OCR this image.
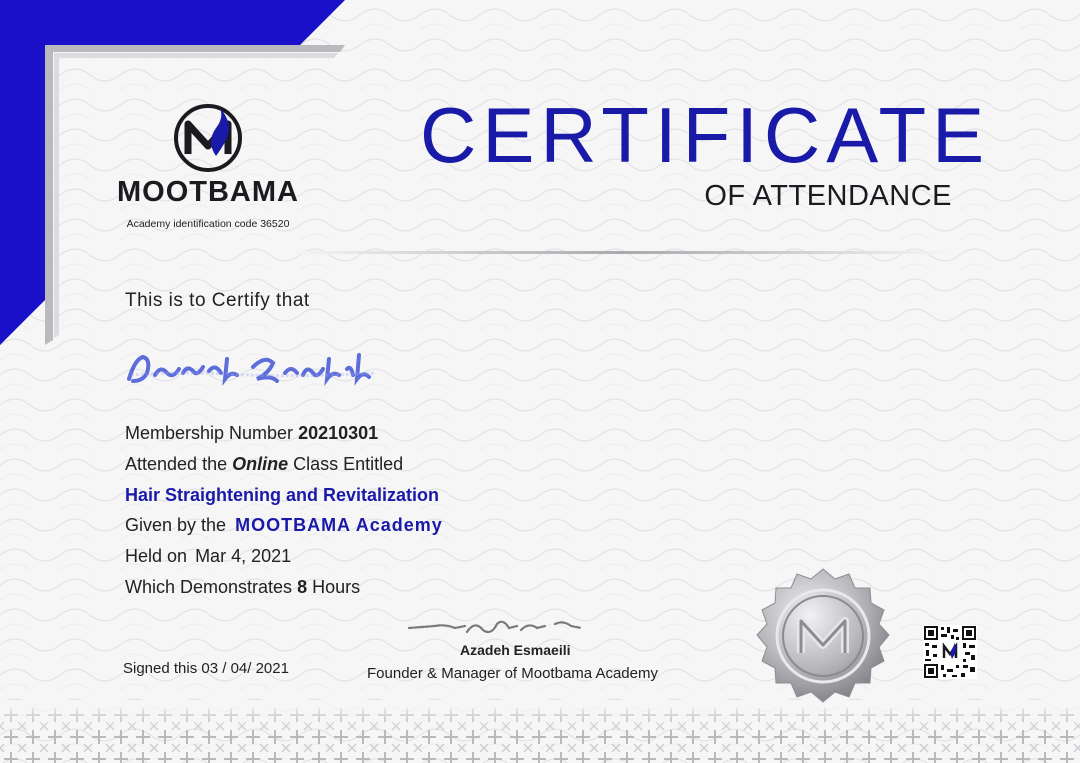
MOOTBAMA
Academy identification code 36520
CERTIFICATE
OF ATTENDANCE
This is to Certify that
Membership Number 20210301
Attended the Online Class Entitled
Hair Straightening and Revitalization
Given by the MOOTBAMA Academy
Held on Mar 4, 2021
Which Demonstrates 8 Hours
Signed this 03 / 04/ 2021
Azadeh Esmaeili
Founder & Manager of Mootbama Academy
